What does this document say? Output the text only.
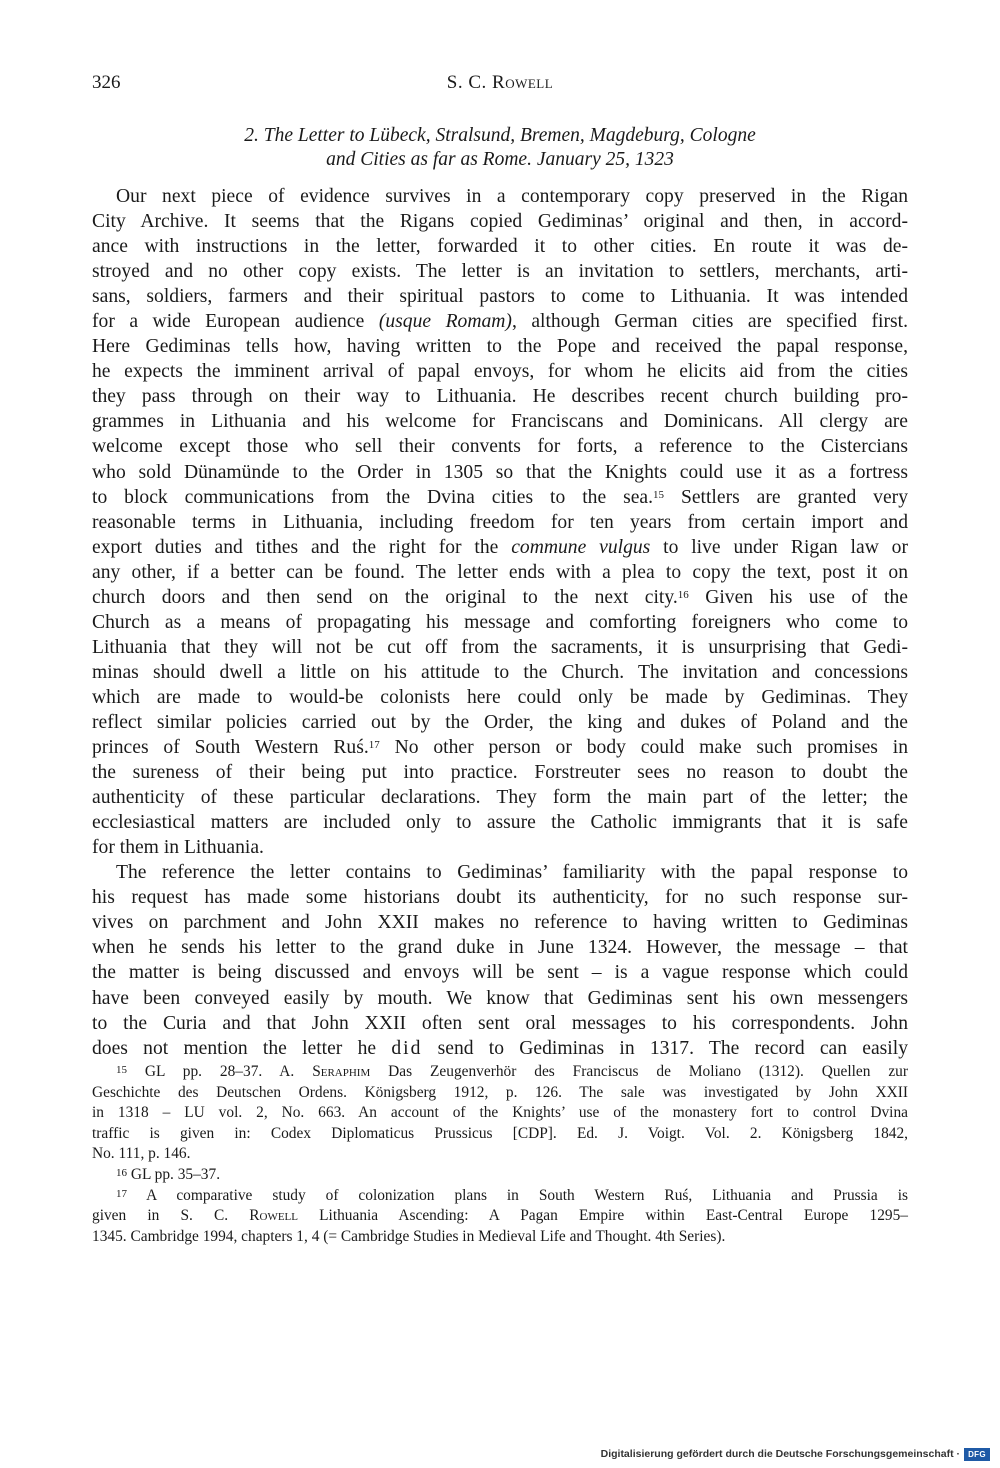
326	S. C. Rowell
2. The Letter to Lübeck, Stralsund, Bremen, Magdeburg, Cologne
and Cities as far as Rome. January 25, 1323
Our next piece of evidence survives in a contemporary copy preserved in the Rigan
City Archive. It seems that the Rigans copied Gediminas’ original and then, in accord-
ance with instructions in the letter, forwarded it to other cities. En route it was de-
stroyed and no other copy exists. The letter is an invitation to settlers, merchants, arti-
sans, soldiers, farmers and their spiritual pastors to come to Lithuania. It was intended
for a wide European audience (usque Romam), although German cities are specified first.
Here Gediminas tells how, having written to the Pope and received the papal response,
he expects the imminent arrival of papal envoys, for whom he elicits aid from the cities
they pass through on their way to Lithuania. He describes recent church building pro-
grammes in Lithuania and his welcome for Franciscans and Dominicans. All clergy are
welcome except those who sell their convents for forts, a reference to the Cistercians
who sold Dünamünde to the Order in 1305 so that the Knights could use it as a fortress
to block communications from the Dvina cities to the sea.$^{15}$ Settlers are granted very
reasonable terms in Lithuania, including freedom for ten years from certain import and
export duties and tithes and the right for the commune vulgus to live under Rigan law or
any other, if a better can be found. The letter ends with a plea to copy the text, post it on
church doors and then send on the original to the next city.$^{16}$ Given his use of the
Church as a means of propagating his message and comforting foreigners who come to
Lithuania that they will not be cut off from the sacraments, it is unsurprising that Gedi-
minas should dwell a little on his attitude to the Church. The invitation and concessions
which are made to would-be colonists here could only be made by Gediminas. They
reflect similar policies carried out by the Order, the king and dukes of Poland and the
princes of South Western Ruś.$^{17}$ No other person or body could make such promises in
the sureness of their being put into practice. Forstreuter sees no reason to doubt the
authenticity of these particular declarations. They form the main part of the letter; the
ecclesiastical matters are included only to assure the Catholic immigrants that it is safe
for them in Lithuania.
The reference the letter contains to Gediminas’ familiarity with the papal response to
his request has made some historians doubt its authenticity, for no such response sur-
vives on parchment and John XXII makes no reference to having written to Gediminas
when he sends his letter to the grand duke in June 1324. However, the message – that
the matter is being discussed and envoys will be sent – is a vague response which could
have been conveyed easily by mouth. We know that Gediminas sent his own messengers
to the Curia and that John XXII often sent oral messages to his correspondents. John
does not mention the letter he did send to Gediminas in 1317. The record can easily
$^{15}$ GL pp. 28–37. A. Seraphim Das Zeugenverhör des Franciscus de Moliano (1312). Quellen zur
Geschichte des Deutschen Ordens. Königsberg 1912, p. 126. The sale was investigated by John XXII
in 1318 – LU vol. 2, No. 663. An account of the Knights’ use of the monastery fort to control Dvina
traffic is given in: Codex Diplomaticus Prussicus [CDP]. Ed. J. Voigt. Vol. 2. Königsberg 1842,
No. 111, p. 146.
$^{16}$ GL pp. 35–37.
$^{17}$ A comparative study of colonization plans in South Western Ruś, Lithuania and Prussia is
given in S. C. Rowell Lithuania Ascending: A Pagan Empire within East-Central Europe 1295–
1345. Cambridge 1994, chapters 1, 4 (= Cambridge Studies in Medieval Life and Thought. 4th Series).
Digitalisierung gefördert durch die Deutsche Forschungsgemeinschaft ·	DFG
